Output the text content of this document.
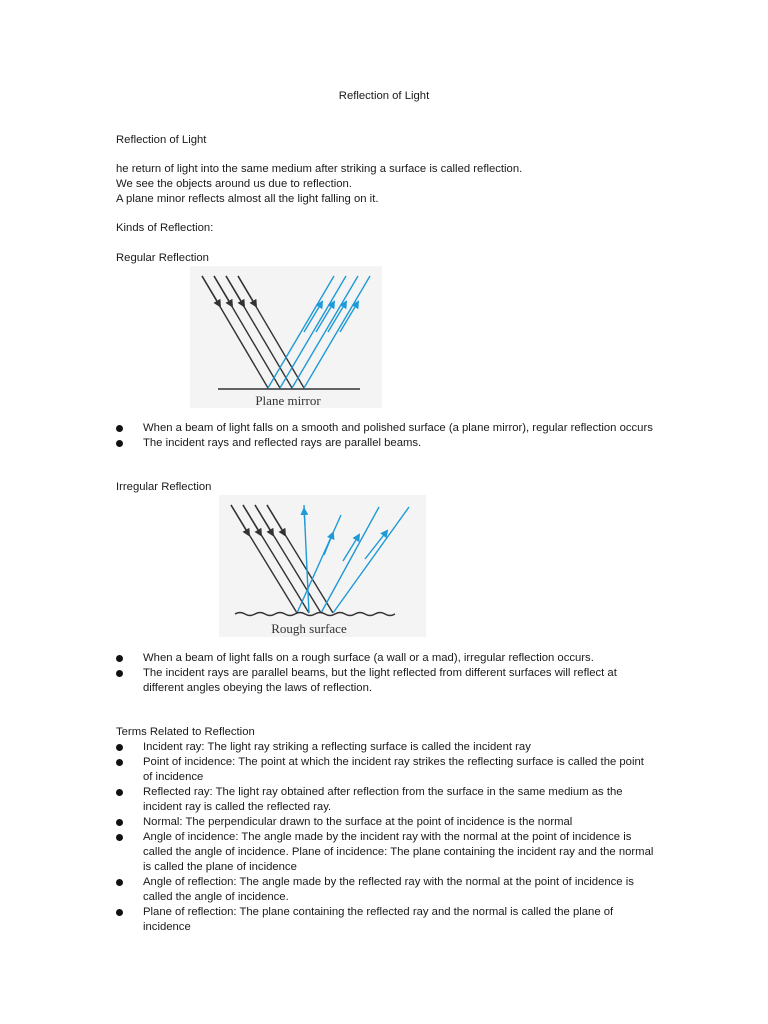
Reflection of Light
Reflection of Light
he return of light into the same medium after striking a surface is called reflection.
We see the objects around us due to reflection.
A plane minor reflects almost all the light falling on it.
Kinds of Reflection:
Regular Reflection
Plane mirror
When a beam of light falls on a smooth and polished surface (a plane mirror), regular reflection occurs
The incident rays and reflected rays are parallel beams.
Irregular Reflection
Rough surface
When a beam of light falls on a rough surface (a wall or a mad), irregular reflection occurs.
The incident rays are parallel beams, but the light reflected from different surfaces will reflect at different angles obeying the laws of reflection.
Terms Related to Reflection
Incident ray: The light ray striking a reflecting surface is called the incident ray
Point of incidence: The point at which the incident ray strikes the reflecting surface is called the point of incidence
Reflected ray: The light ray obtained after reflection from the surface in the same medium as the incident ray is called the reflected ray.
Normal: The perpendicular drawn to the surface at the point of incidence is the normal
Angle of incidence: The angle made by the incident ray with the normal at the point of incidence is called the angle of incidence. Plane of incidence: The plane containing the incident ray and the normal is called the plane of incidence
Angle of reflection: The angle made by the reflected ray with the normal at the point of incidence is called the angle of incidence.
Plane of reflection: The plane containing the reflected ray and the normal is called the plane of incidence
